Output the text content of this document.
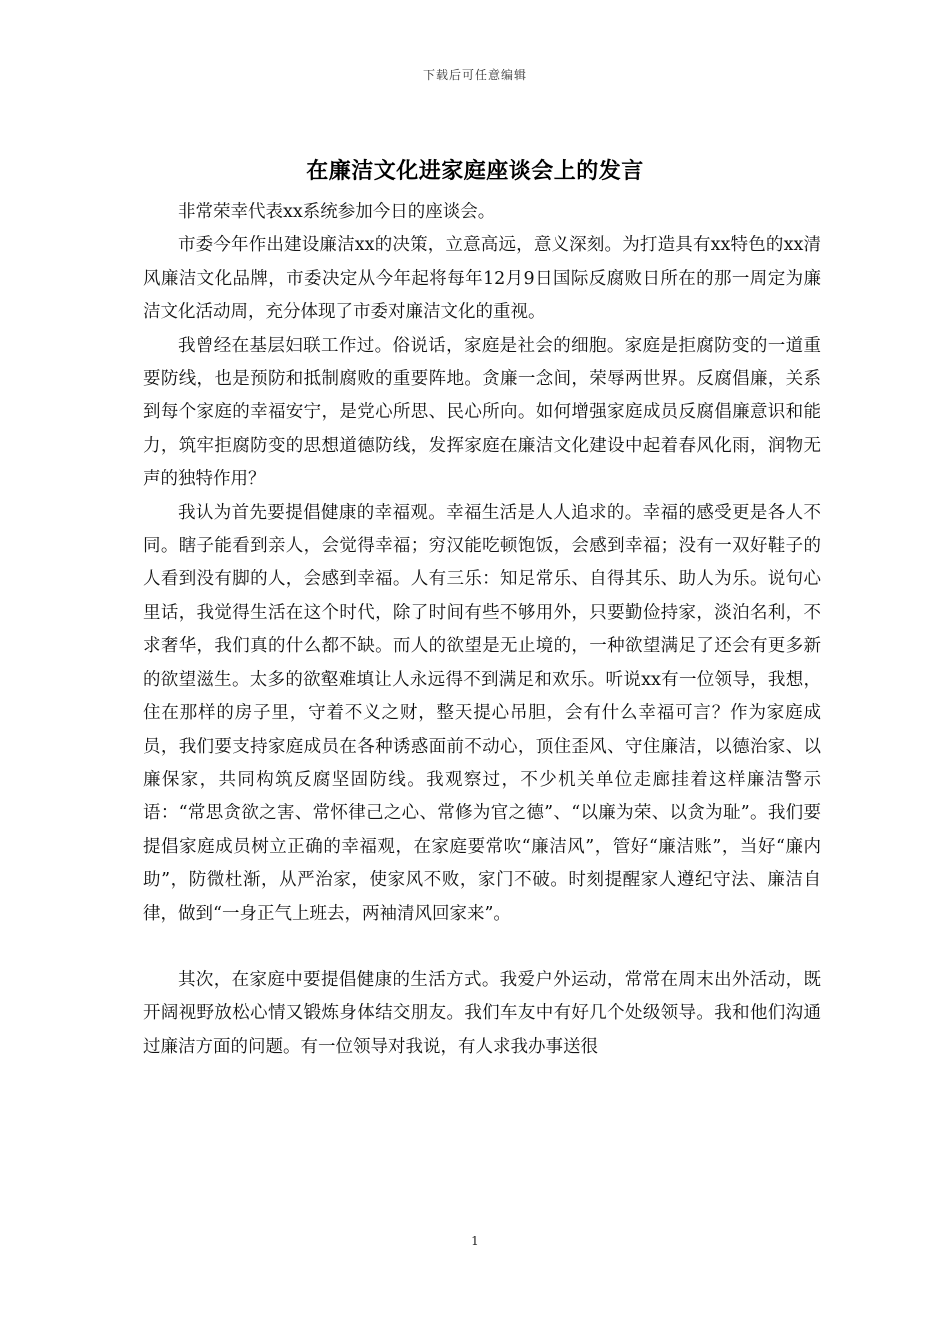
下载后可任意编辑
在廉洁文化进家庭座谈会上的发言

非常荣幸代表xx系统参加今日的座谈会。

市委今年作出建设廉洁xx的决策，立意高远，意义深刻。为打造具有xx特色的xx清风廉洁文化品牌，市委决定从今年起将每年12月9日国际反腐败日所在的那一周定为廉洁文化活动周，充分体现了市委对廉洁文化的重视。

我曾经在基层妇联工作过。俗说话，家庭是社会的细胞。家庭是拒腐防变的一道重要防线，也是预防和抵制腐败的重要阵地。贪廉一念间，荣辱两世界。反腐倡廉，关系到每个家庭的幸福安宁，是党心所思、民心所向。如何增强家庭成员反腐倡廉意识和能力，筑牢拒腐防变的思想道德防线，发挥家庭在廉洁文化建设中起着春风化雨，润物无声的独特作用？

我认为首先要提倡健康的幸福观。幸福生活是人人追求的。幸福的感受更是各人不同。瞎子能看到亲人，会觉得幸福；穷汉能吃顿饱饭，会感到幸福；没有一双好鞋子的人看到没有脚的人，会感到幸福。人有三乐：知足常乐、自得其乐、助人为乐。说句心里话，我觉得生活在这个时代，除了时间有些不够用外，只要勤俭持家，淡泊名利，不求奢华，我们真的什么都不缺。而人的欲望是无止境的，一种欲望满足了还会有更多新的欲望滋生。太多的欲壑难填让人永远得不到满足和欢乐。听说xx有一位领导，我想，住在那样的房子里，守着不义之财，整天提心吊胆，会有什么幸福可言？作为家庭成员，我们要支持家庭成员在各种诱惑面前不动心，顶住歪风、守住廉洁，以德治家、以廉保家，共同构筑反腐坚固防线。我观察过，不少机关单位走廊挂着这样廉洁警示语：“常思贪欲之害、常怀律己之心、常修为官之德”、“以廉为荣、以贪为耻”。我们要提倡家庭成员树立正确的幸福观，在家庭要常吹“廉洁风”，管好“廉洁账”，当好“廉内助”，防微杜渐，从严治家，使家风不败，家门不破。时刻提醒家人遵纪守法、廉洁自律，做到“一身正气上班去，两袖清风回家来”。

其次，在家庭中要提倡健康的生活方式。我爱户外运动，常常在周末出外活动，既开阔视野放松心情又锻炼身体结交朋友。我们车友中有好几个处级领导。我和他们沟通过廉洁方面的问题。有一位领导对我说，有人求我办事送很

1
